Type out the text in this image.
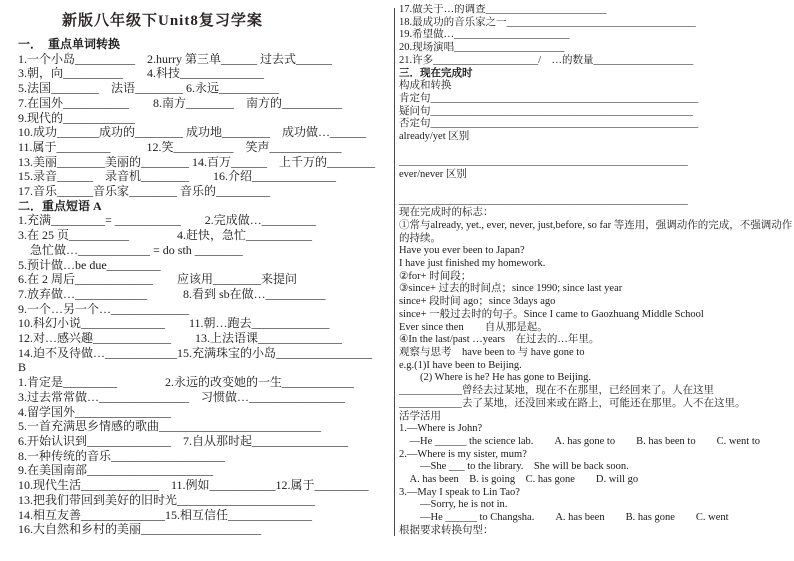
新版八年级下Unit8复习学案
一．　重点单词转换
1.一个小岛__________　2.hurry 第三单______ 过去式______
3.朝，向__________　　4.科技______________
5.法国________　法语________ 6.永远__________
7.在国外___________　　8.南方________　南方的__________
9.现代的____________
10.成功_______成功的________ 成功地________　成功做…______
11.属于_________　　　12.笑__________　笑声____________
13.美丽________美丽的________ 14.百万______　上千万的________
15.录音______　录音机________　　16.介绍______________
17.音乐______音乐家________ 音乐的_________
二．重点短语 A
1.充满_________= ___________　　2.完成做…_________
3.在 25 页__________　　　　4.赶快，急忙___________
　急忙做…____________ = do sth ________
5.预计做…be due_________
6.在 2 周后_____________　　应该用________来提问
7.放弃做…____________　　　8.看到 sb在做…__________
9.一个…另一个…_____________
10.科幻小说______________　　11.朝…跑去_____________
12.对…感兴趣_____________　　13.上法语课______________
14.迫不及待做…____________15.充满珠宝的小岛________________
B
1.肯定是_________　　　　2.永远的改变她的一生____________
3.过去常常做…_______________　习惯做…________________
4.留学国外________________
5.一首充满思乡情感的歌曲___________________________
6.开始认识到______________　7.自从那时起________________
8.一种传统的音乐___________________
9.在美国南部_____________________
10.现代生活_____________　11.例如___________12.属于_________
13.把我们带回到美好的旧时光_______________________
14.相互友善______________15.相互信任______________
16.大自然和乡村的美丽____________________
17.做关于…的调查_______________________
18.最成功的音乐家之一____________________________________
19.希望做…______________________
20.现场演唱_____________________
21.许多____________________/　…的数量___________________
三．现在完成时
构成和转换
肯定句___________________________________________________
疑问句__________________________________________________
否定句___________________________________________________
already/yet 区别

_______________________________________________________
ever/never 区别

_______________________________________________________
现在完成时的标志：
①常与already, yet., ever, never, just,before, so far 等连用，强调动作的完成，不强调动作
的持续。
Have you ever been to Japan?
I have just finished my homework.
②for+ 时间段；
③since+ 过去的时间点；since 1990; since last year
since+ 段时间 ago；since 3days ago
since+ 一般过去时的句子。Since I came to Gaozhuang Middle School
Ever since then　　自从那是起。
④In the last/past …years　在过去的…年里。
观察与思考　have been to 与 have gone to
e.g.(1)I have been to Beijing.
　　(2) Where is he? He has gone to Beijing.
____________曾经去过某地，现在不在那里，已经回来了。人在这里
____________去了某地，还没回来或在路上，可能还在那里。人不在这里。
活学活用
1.—Where is John?
　—He ______ the science lab.　　A. has gone to　　B. has been to　　C. went to
2.—Where is my sister, mum?
　　—She ___ to the library.　She will be back soon.
　A. has been　B. is going　C. has gone　　D. will go
3.—May I speak to Lin Tao?
　　—Sorry, he is not in.
　　—He ______ to Changsha.　　A. has been　　B. has gone　　C. went
根据要求转换句型：
